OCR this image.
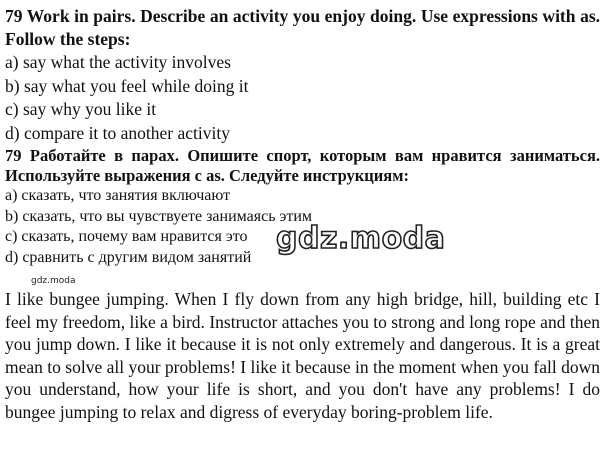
79 Work in pairs. Describe an activity you enjoy doing. Use expressions with as. Follow the steps:
a) say what the activity involves
b) say what you feel while doing it
c) say why you like it
d) compare it to another activity
79 Работайте в парах. Опишите спорт, которым вам нравится заниматься. Используйте выражения с as. Следуйте инструкциям:
а) сказать, что занятия включают
b) сказать, что вы чувствуете занимаясь этим
c) сказать, почему вам нравится это
d) сравнить с другим видом занятий
gdz.moda
I like bungee jumping. When I fly down from any high bridge, hill, building etc I feel my freedom, like a bird. Instructor attaches you to strong and long rope and then you jump down. I like it because it is not only extremely and dangerous. It is a great mean to solve all your problems! I like it because in the moment when you fall down you understand, how your life is short, and you don't have any problems! I do bungee jumping to relax and digress of everyday boring-problem life.
gdz.moda
